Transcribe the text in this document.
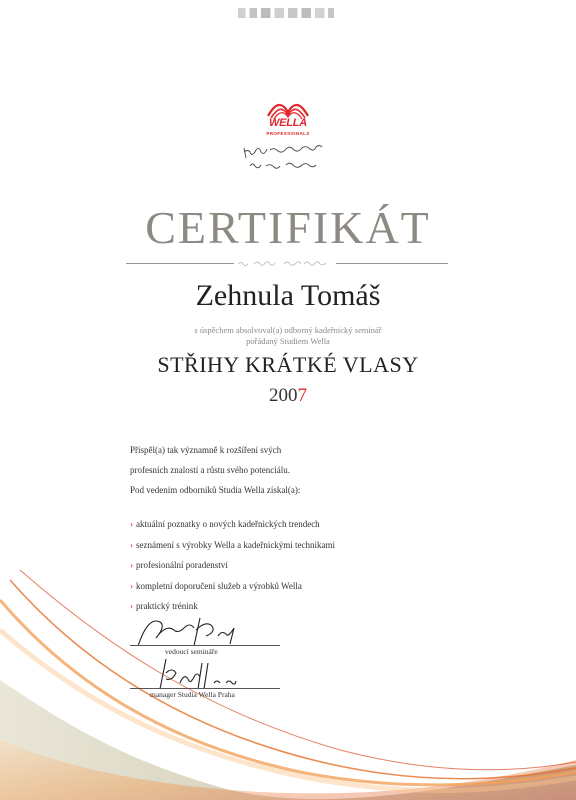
WELLA
PROFESSIONALS
CERTIFIKÁT
Zehnula Tomáš
s úspěchem absolvoval(a) odborný kadeřnický seminář
pořádaný Studiem Wella
STŘIHY KRÁTKÉ VLASY
2007
Přispěl(a) tak významně k rozšíření svých
profesních znalostí a růstu svého potenciálu.
Pod vedením odborníků Studia Wella získal(a):
› aktuální poznatky o nových kadeřnických trendech
› seznámení s výrobky Wella a kadeřnickými technikami
› profesionální poradenství
› kompletní doporučení služeb a výrobků Wella
› praktický trénink
vedoucí semináře
manager Studia Wella Praha
